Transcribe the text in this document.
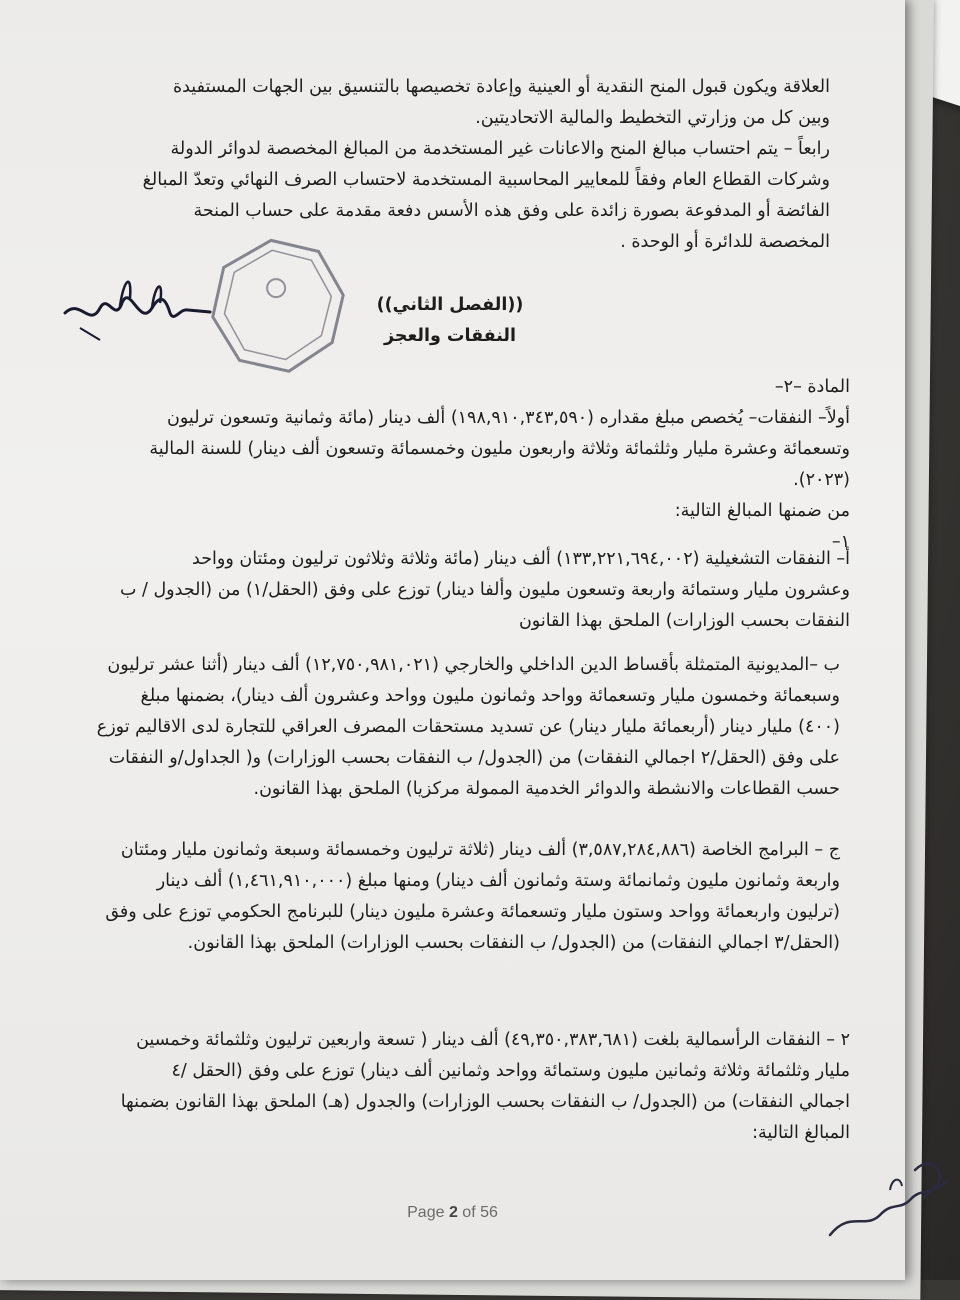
العلاقة ويكون قبول المنح النقدية أو العينية وإعادة تخصيصها بالتنسيق بين الجهات المستفيدة

وبين كل من وزارتي التخطيط والمالية الاتحاديتين.

رابعاً – يتم احتساب مبالغ المنح والاعانات غير المستخدمة من المبالغ المخصصة لدوائر الدولة

وشركات القطاع العام وفقاً للمعايير المحاسبية المستخدمة لاحتساب الصرف النهائي وتعدّ المبالغ

الفائضة أو المدفوعة بصورة زائدة على وفق هذه الأسس دفعة مقدمة على حساب المنحة

المخصصة للدائرة أو الوحدة .

((الفصل الثاني))

النفقات والعجز

المادة –٢–

أولاً– النفقات– يُخصص مبلغ مقداره (١٩٨,٩١٠,٣٤٣,٥٩٠) ألف دينار (مائة وثمانية وتسعون ترليون

وتسعمائة وعشرة مليار وثلثمائة وثلاثة واربعون مليون وخمسمائة وتسعون ألف دينار) للسنة المالية

(٢٠٢٣).

من ضمنها المبالغ التالية:

١–

أ– النفقات التشغيلية (١٣٣,٢٢١,٦٩٤,٠٠٢) ألف دينار (مائة وثلاثة وثلاثون ترليون ومئتان وواحد

وعشرون مليار وستمائة واربعة وتسعون مليون وألفا دينار) توزع على وفق (الحقل/١) من (الجدول / ب

النفقات بحسب الوزارات) الملحق بهذا القانون

ب –المديونية المتمثلة بأقساط الدين الداخلي والخارجي (١٢,٧٥٠,٩٨١,٠٢١) ألف دينار (أثنا عشر ترليون

وسبعمائة وخمسون مليار وتسعمائة وواحد وثمانون مليون وواحد وعشرون ألف دينار)، بضمنها مبلغ

(٤٠٠) مليار دينار (أربعمائة مليار دينار) عن تسديد مستحقات المصرف العراقي للتجارة لدى الاقاليم توزع

على وفق (الحقل/٢ اجمالي النفقات) من (الجدول/ ب النفقات بحسب الوزارات) و( الجداول/و النفقات

حسب القطاعات والانشطة والدوائر الخدمية الممولة مركزيا) الملحق بهذا القانون.

ج – البرامج الخاصة (٣,٥٨٧,٢٨٤,٨٨٦) ألف دينار (ثلاثة ترليون وخمسمائة وسبعة وثمانون مليار ومئتان

واربعة وثمانون مليون وثمانمائة وستة وثمانون ألف دينار) ومنها مبلغ (١,٤٦١,٩١٠,٠٠٠) ألف دينار

(ترليون واربعمائة وواحد وستون مليار وتسعمائة وعشرة مليون دينار) للبرنامج الحكومي توزع على وفق

(الحقل/٣ اجمالي النفقات) من (الجدول/ ب النفقات بحسب الوزارات) الملحق بهذا القانون.

٢ – النفقات الرأسمالية بلغت (٤٩,٣٥٠,٣٨٣,٦٨١) ألف دينار ( تسعة واربعين ترليون وثلثمائة وخمسين

مليار وثلثمائة وثلاثة وثمانين مليون وستمائة وواحد وثمانين ألف دينار) توزع على وفق (الحقل /٤

اجمالي النفقات) من (الجدول/ ب النفقات بحسب الوزارات) والجدول (هـ) الملحق بهذا القانون بضمنها

المبالغ التالية:

Page 2 of 56
